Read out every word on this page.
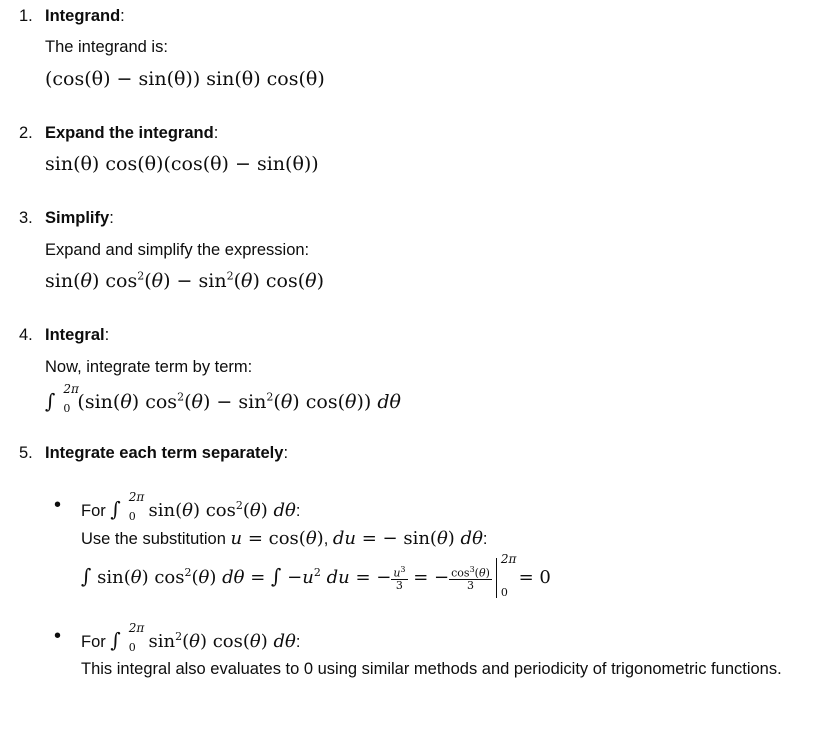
1. Integrand:
The integrand is:
(cos(θ) − sin(θ)) sin(θ) cos(θ)
2. Expand the integrand:
sin(θ) cos(θ)(cos(θ) − sin(θ))
3. Simplify:
Expand and simplify the expression:
sin(θ) $\cos^2(\theta) - \sin^2(\theta)$ cos(θ)
4. Integral:
Now, integrate term by term:
∫ 2π
0 (sin(θ) $\cos^2(\theta) - \sin^2(\theta)$ cos(θ)) dθ
5. Integrate each term separately:
• For ∫ 2π
0 sin(θ) $\cos^2(\theta)$ dθ:
Use the substitution u = cos(θ), du = − sin(θ) dθ:
∫ sin(θ) $\cos^2(\theta) d\theta$ = ∫ $-u^2$ du = − $\frac{u^3}{3}$ = − $\frac{\cos^3(\theta)}{3}$
2π
0
= 0
• For ∫ 2π
0 $\sin^2(\theta)$ cos(θ) dθ:
This integral also evaluates to 0 using similar methods and periodicity of trigonometric functions.
